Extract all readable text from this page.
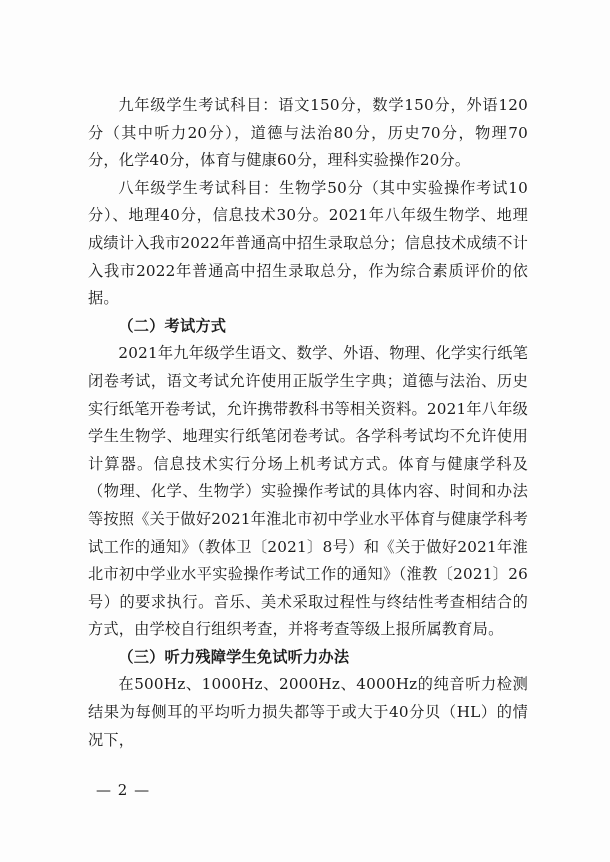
九年级学生考试科目：语文150分，数学150分，外语120分（其中听力20分），道德与法治80分，历史70分，物理70分，化学40分，体育与健康60分，理科实验操作20分。

八年级学生考试科目：生物学50分（其中实验操作考试10分）、地理40分，信息技术30分。2021年八年级生物学、地理成绩计入我市2022年普通高中招生录取总分；信息技术成绩不计入我市2022年普通高中招生录取总分，作为综合素质评价的依据。

（二）考试方式

2021年九年级学生语文、数学、外语、物理、化学实行纸笔闭卷考试，语文考试允许使用正版学生字典；道德与法治、历史实行纸笔开卷考试，允许携带教科书等相关资料。2021年八年级学生生物学、地理实行纸笔闭卷考试。各学科考试均不允许使用计算器。信息技术实行分场上机考试方式。体育与健康学科及（物理、化学、生物学）实验操作考试的具体内容、时间和办法等按照《关于做好2021年淮北市初中学业水平体育与健康学科考试工作的通知》（教体卫〔2021〕8号）和《关于做好2021年淮北市初中学业水平实验操作考试工作的通知》（淮教〔2021〕26号）的要求执行。音乐、美术采取过程性与终结性考查相结合的方式，由学校自行组织考查，并将考查等级上报所属教育局。

（三）听力残障学生免试听力办法

在500Hz、1000Hz、2000Hz、4000Hz的纯音听力检测结果为每侧耳的平均听力损失都等于或大于40分贝（HL）的情况下，

— 2 —
